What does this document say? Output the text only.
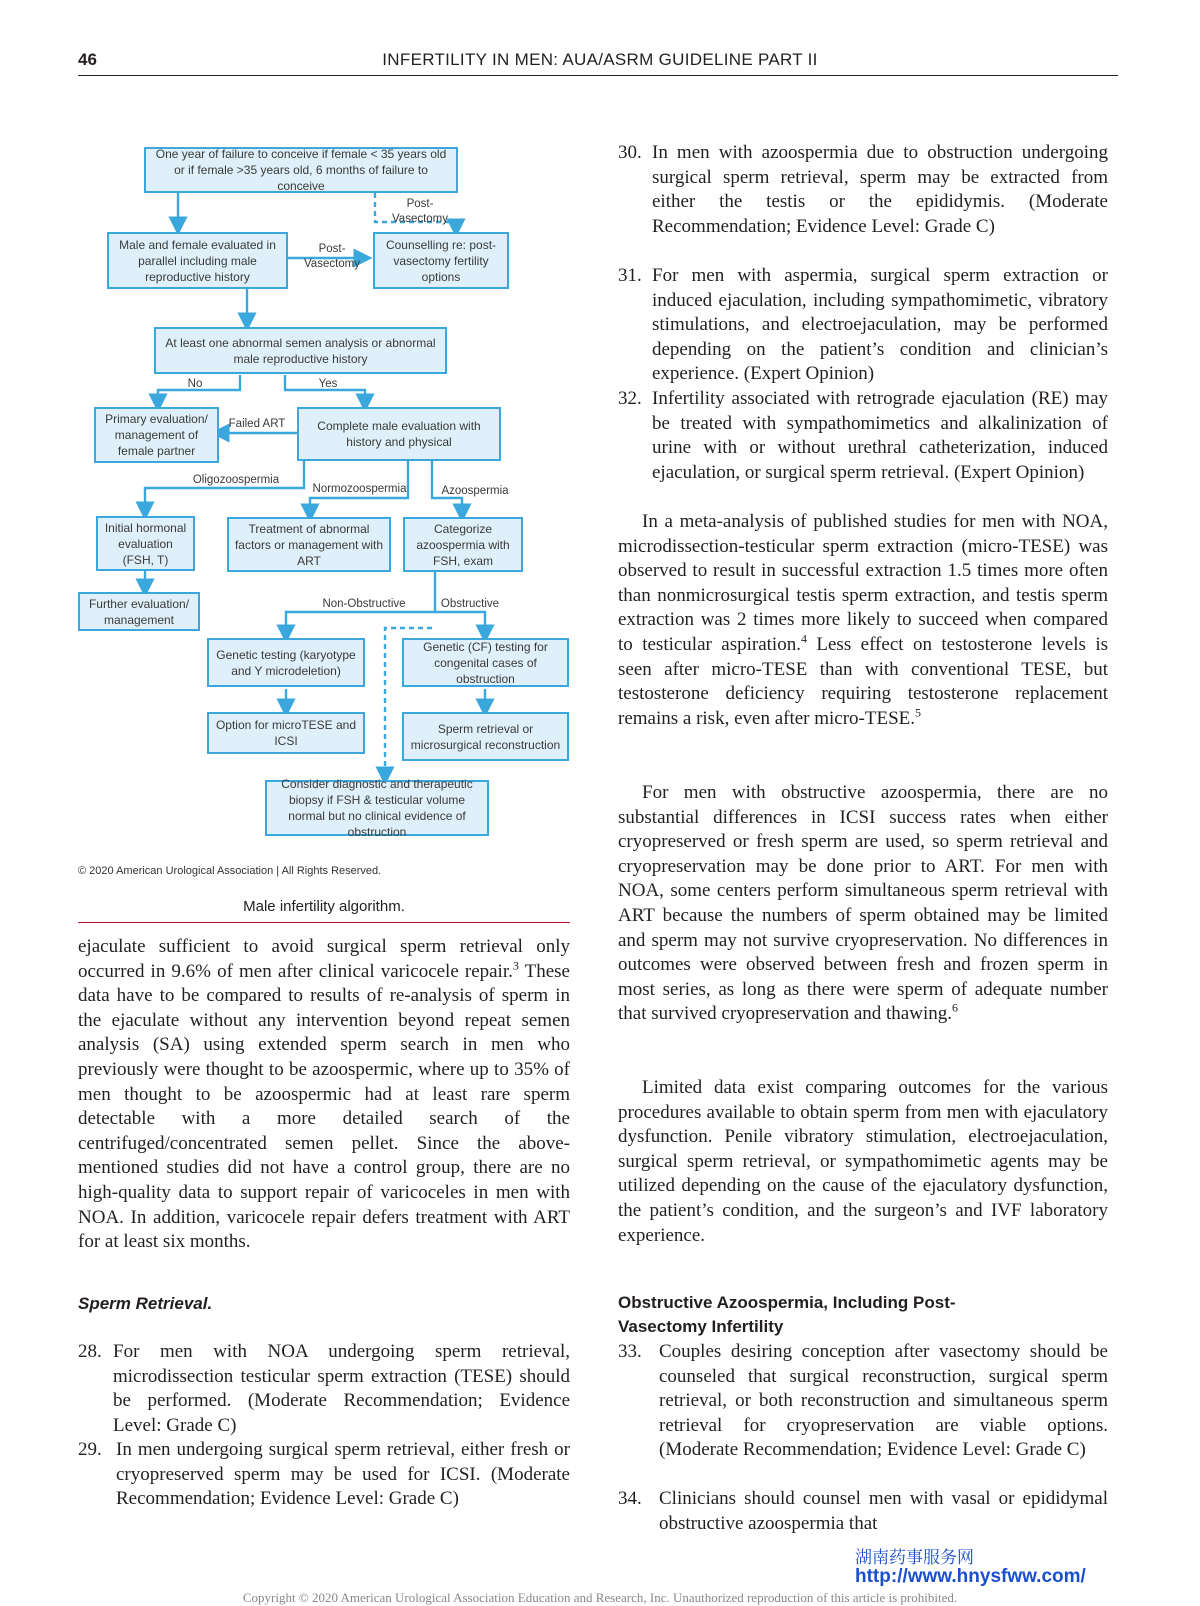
46	INFERTILITY IN MEN: AUA/ASRM GUIDELINE PART II
One year of failure to conceive if female < 35 years old or if female >35 years old, 6 months of failure to conceive
Male and female evaluated in parallel including male reproductive history
Counselling re: post-vasectomy fertility options
At least one abnormal semen analysis or abnormal male reproductive history
Primary evaluation/ management of female partner
Complete male evaluation with history and physical
Initial hormonal evaluation (FSH, T)
Treatment of abnormal factors or management with ART
Categorize azoospermia with FSH, exam
Further evaluation/ management
Genetic testing (karyotype and Y microdeletion)
Genetic (CF) testing for congenital cases of obstruction
Option for microTESE and ICSI
Sperm retrieval or microsurgical reconstruction
Consider diagnostic and therapeutic biopsy if FSH & testicular volume normal but no clinical evidence of obstruction
Post-
Vasectomy
Post-
Vasectomy
No	Yes
Failed ART
Oligozoospermia
Normozoospermia	Azoospermia
Non-Obstructive	Obstructive
© 2020 American Urological Association | All Rights Reserved.
Male infertility algorithm.

ejaculate sufficient to avoid surgical sperm retrieval only occurred in 9.6% of men after clinical varicocele repair.$^3$ These data have to be compared to results of re-analysis of sperm in the ejaculate without any intervention beyond repeat semen analysis (SA) using extended sperm search in men who previously were thought to be azoospermic, where up to 35% of men thought to be azoospermic had at least rare sperm detectable with a more detailed search of the centrifuged/concentrated semen pellet. Since the above-mentioned studies did not have a control group, there are no high-quality data to support repair of varicoceles in men with NOA. In addition, varicocele repair defers treatment with ART for at least six months.

Sperm Retrieval.
28. For men with NOA undergoing sperm retrieval, microdissection testicular sperm extraction (TESE) should be performed. (Moderate Recommendation; Evidence Level: Grade C)
29. In men undergoing surgical sperm retrieval, either fresh or cryopreserved sperm may be used for ICSI. (Moderate Recommendation; Evidence Level: Grade C)
30. In men with azoospermia due to obstruction undergoing surgical sperm retrieval, sperm may be extracted from either the testis or the epididymis. (Moderate Recommendation; Evidence Level: Grade C)
31. For men with aspermia, surgical sperm extraction or induced ejaculation, including sympathomimetic, vibratory stimulations, and electroejaculation, may be performed depending on the patient’s condition and clinician’s experience. (Expert Opinion)
32. Infertility associated with retrograde ejaculation (RE) may be treated with sympathomimetics and alkalinization of urine with or without urethral catheterization, induced ejaculation, or surgical sperm retrieval. (Expert Opinion)

In a meta-analysis of published studies for men with NOA, microdissection-testicular sperm extraction (micro-TESE) was observed to result in successful extraction 1.5 times more often than nonmicrosurgical testis sperm extraction, and testis sperm extraction was 2 times more likely to succeed when compared to testicular aspiration.$^4$ Less effect on testosterone levels is seen after micro-TESE than with conventional TESE, but testosterone deficiency requiring testosterone replacement remains a risk, even after micro-TESE.$^5$

For men with obstructive azoospermia, there are no substantial differences in ICSI success rates when either cryopreserved or fresh sperm are used, so sperm retrieval and cryopreservation may be done prior to ART. For men with NOA, some centers perform simultaneous sperm retrieval with ART because the numbers of sperm obtained may be limited and sperm may not survive cryopreservation. No differences in outcomes were observed between fresh and frozen sperm in most series, as long as there were sperm of adequate number that survived cryopreservation and thawing.$^6$

Limited data exist comparing outcomes for the various procedures available to obtain sperm from men with ejaculatory dysfunction. Penile vibratory stimulation, electroejaculation, surgical sperm retrieval, or sympathomimetic agents may be utilized depending on the cause of the ejaculatory dysfunction, the patient’s condition, and the surgeon’s and IVF laboratory experience.

Obstructive Azoospermia, Including Post-
Vasectomy Infertility
33. Couples desiring conception after vasectomy should be counseled that surgical reconstruction, surgical sperm retrieval, or both reconstruction and simultaneous sperm retrieval for cryopreservation are viable options. (Moderate Recommendation; Evidence Level: Grade C)
34. Clinicians should counsel men with vasal or epididymal obstructive azoospermia that
湖南药事服务网
http://www.hnysfww.com/
Copyright © 2020 American Urological Association Education and Research, Inc. Unauthorized reproduction of this article is prohibited.
